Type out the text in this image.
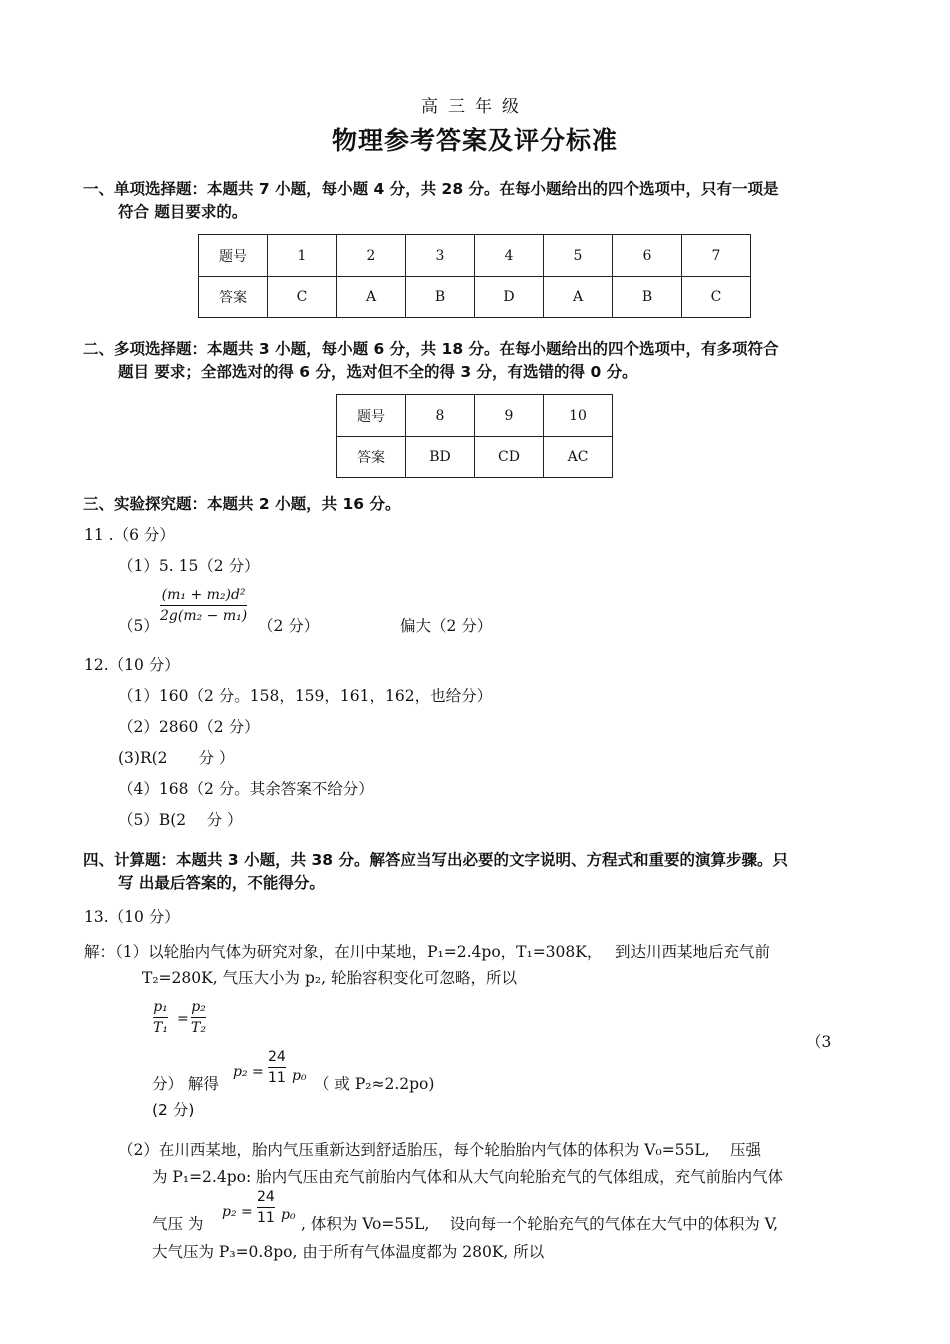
高三年级
物理参考答案及评分标准
一、单项选择题：本题共 7 小题，每小题 4 分，共 28 分。在每小题给出的四个选项中，只有一项是
符合 题目要求的。
题号	1	2	3	4	5	6	7
答案	C	A	B	D	A	B	C
二、多项选择题：本题共 3 小题，每小题 6 分，共 18 分。在每小题给出的四个选项中，有多项符合
题目 要求；全部选对的得 6 分，选对但不全的得 3 分，有选错的得 0 分。
题号	8	9	10
答案	BD	CD	AC
三、实验探究题：本题共 2 小题，共 16 分。
11 .（6 分）
（1）5. 15（2 分）
（5）
(m₁ + m₂)d²
2g(m₂ − m₁)
（2 分）	偏大（2 分）
12.（10 分）
（1）160（2 分。158，159，161，162，也给分）
（2）2860（2 分）
(3)R(2　　分 ）
（4）168（2 分。其余答案不给分）
（5）B(2　 分 ）
四、计算题：本题共 3 小题，共 38 分。解答应当写出必要的文字说明、方程式和重要的演算步骤。只
写 出最后答案的，不能得分。
13.（10 分）
解：（1）以轮胎内气体为研究对象，在川中某地，P₁=2.4po，T₁=308K，　 到达川西某地后充气前
T₂=280K, 气压大小为 p₂, 轮胎容积变化可忽略，所以
p₁
T₁
=
p₂
T₂
（3
分） 解得
p₂ =
24
11 p₀ （ 或 P₂≈2.2po)
(2 分)
（2）在川西某地，胎内气压重新达到舒适胎压，每个轮胎胎内气体的体积为 V₀=55L,　 压强
为 P₁=2.4po: 胎内气压由充气前胎内气体和从大气向轮胎充气的气体组成，充气前胎内气体
气压 为
p₂ =
24
11 p₀ , 体积为 Vo=55L,　 设向每一个轮胎充气的气体在大气中的体积为 V,
大气压为 P₃=0.8po, 由于所有气体温度都为 280K, 所以
